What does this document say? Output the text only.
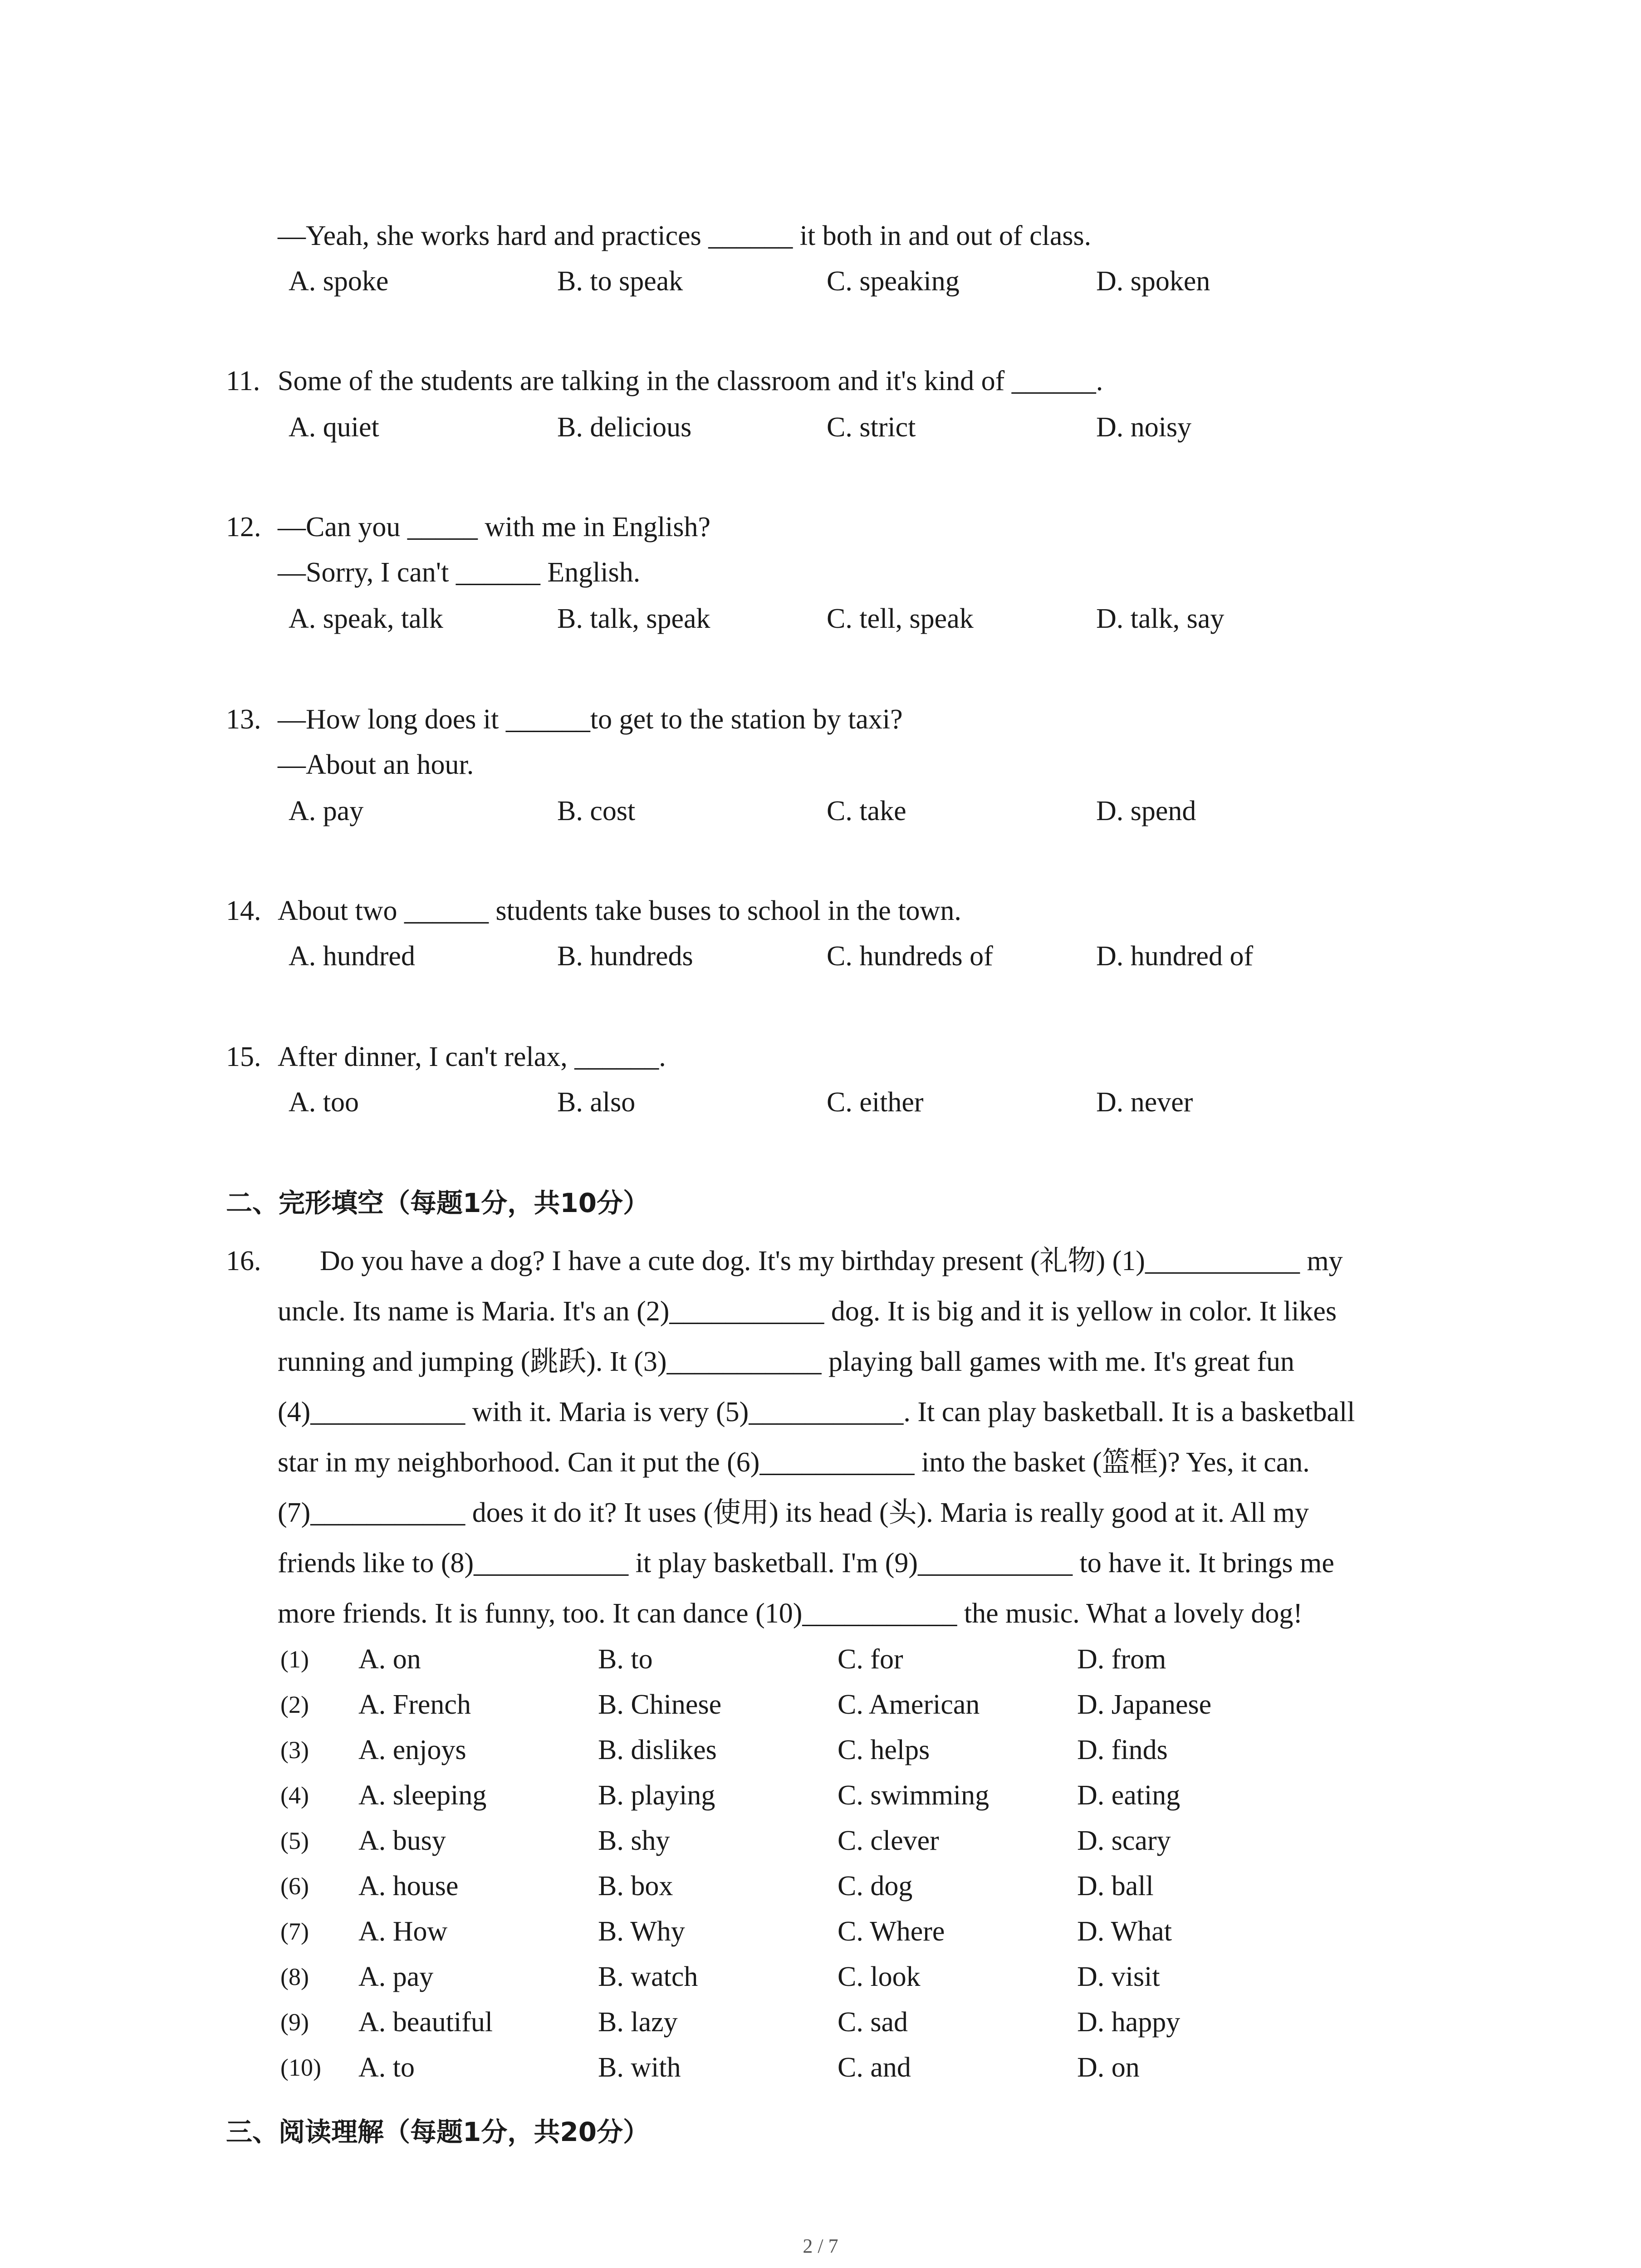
—Yeah, she works hard and practices ______ it both in and out of class.
A. spoke	B. to speak	C. speaking	D. spoken
11. Some of the students are talking in the classroom and it's kind of ______.
A. quiet	B. delicious	C. strict	D. noisy
12. —Can you _____ with me in English?
—Sorry, I can't ______ English.
A. speak, talk	B. talk, speak	C. tell, speak	D. talk, say
13. —How long does it ______to get to the station by taxi?
—About an hour.
A. pay	B. cost	C. take	D. spend
14. About two ______ students take buses to school in the town.
A. hundred	B. hundreds	C. hundreds of	D. hundred of
15. After dinner, I can't relax, ______.
A. too	B. also	C. either	D. never
二、完形填空（每题1分，共10分）
16. Do you have a dog? I have a cute dog. It's my birthday present (礼物) (1)___________ my
uncle. Its name is Maria. It's an (2)___________ dog. It is big and it is yellow in color. It likes
running and jumping (跳跃). It (3)___________ playing ball games with me. It's great fun
(4)___________ with it. Maria is very (5)___________. It can play basketball. It is a basketball
star in my neighborhood. Can it put the (6)___________ into the basket (篮框)? Yes, it can.
(7)___________ does it do it? It uses (使用) its head (头). Maria is really good at it. All my
friends like to (8)___________ it play basketball. I'm (9)___________ to have it. It brings me
more friends. It is funny, too. It can dance (10)___________ the music. What a lovely dog!
(1) A. on	B. to	C. for	D. from
(2) A. French	B. Chinese	C. American	D. Japanese
(3) A. enjoys	B. dislikes	C. helps	D. finds
(4) A. sleeping	B. playing	C. swimming	D. eating
(5) A. busy	B. shy	C. clever	D. scary
(6) A. house	B. box	C. dog	D. ball
(7) A. How	B. Why	C. Where	D. What
(8) A. pay	B. watch	C. look	D. visit
(9) A. beautiful	B. lazy	C. sad	D. happy
(10) A. to	B. with	C. and	D. on
三、阅读理解（每题1分，共20分）
2 / 7
